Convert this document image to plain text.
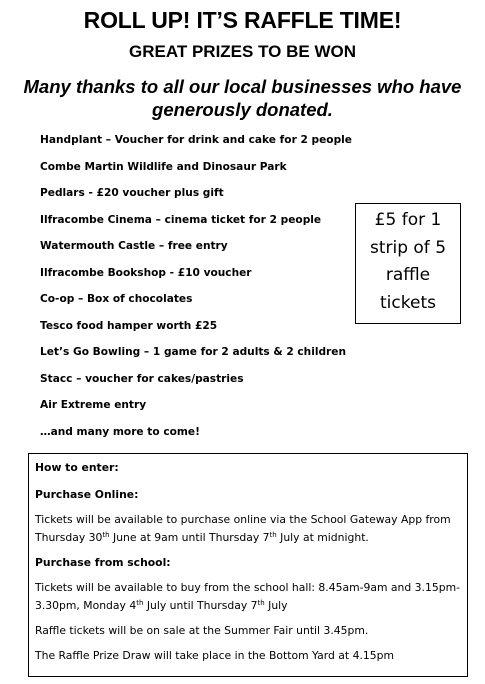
ROLL UP! IT’S RAFFLE TIME!
GREAT PRIZES TO BE WON
Many thanks to all our local businesses who have generously donated.
Handplant – Voucher for drink and cake for 2 people
Combe Martin Wildlife and Dinosaur Park
Pedlars - £20 voucher plus gift
Ilfracombe Cinema – cinema ticket for 2 people
Watermouth Castle – free entry
Ilfracombe Bookshop - £10 voucher
Co-op – Box of chocolates
Tesco food hamper worth £25
Let’s Go Bowling – 1 game for 2 adults & 2 children
Stacc – voucher for cakes/pastries
Air Extreme entry
…and many more to come!
£5 for 1
strip of 5
raffle
tickets

How to enter:

Purchase Online:

Tickets will be available to purchase online via the School Gateway App from Thursday 30th June at 9am until Thursday 7th July at midnight.

Purchase from school:

Tickets will be available to buy from the school hall: 8.45am-9am and 3.15pm-3.30pm, Monday 4th July until Thursday 7th July

Raffle tickets will be on sale at the Summer Fair until 3.45pm.

The Raffle Prize Draw will take place in the Bottom Yard at 4.15pm
